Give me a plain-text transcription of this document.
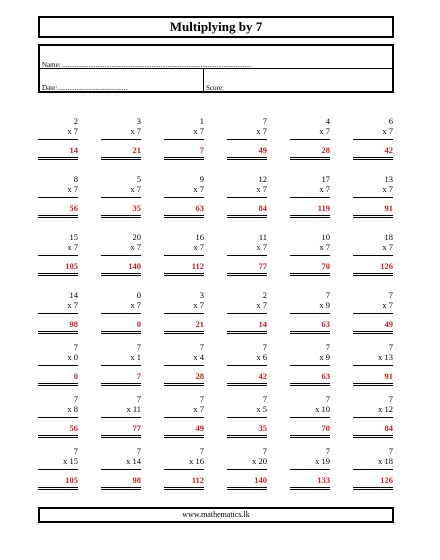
Multiplying by 7
Name: ............................................................................................................
Date: .......................................	Score:
2
x 7
14
3
x 7
21
1
x 7
7
7
x 7
49
4
x 7
28
6
x 7
42
8
x 7
56
5
x 7
35
9
x 7
63
12
x 7
84
17
x 7
119
13
x 7
91
15
x 7
105
20
x 7
140
16
x 7
112
11
x 7
77
10
x 7
70
18
x 7
126
14
x 7
98
0
x 7
0
3
x 7
21
2
x 7
14
7
x 9
63
7
x 7
49
7
x 0
0
7
x 1
7
7
x 4
28
7
x 6
42
7
x 9
63
7
x 13
91
7
x 8
56
7
x 11
77
7
x 7
49
7
x 5
35
7
x 10
70
7
x 12
84
7
x 15
105
7
x 14
98
7
x 16
112
7
x 20
140
7
x 19
133
7
x 18
126
www.mathematics.lk
